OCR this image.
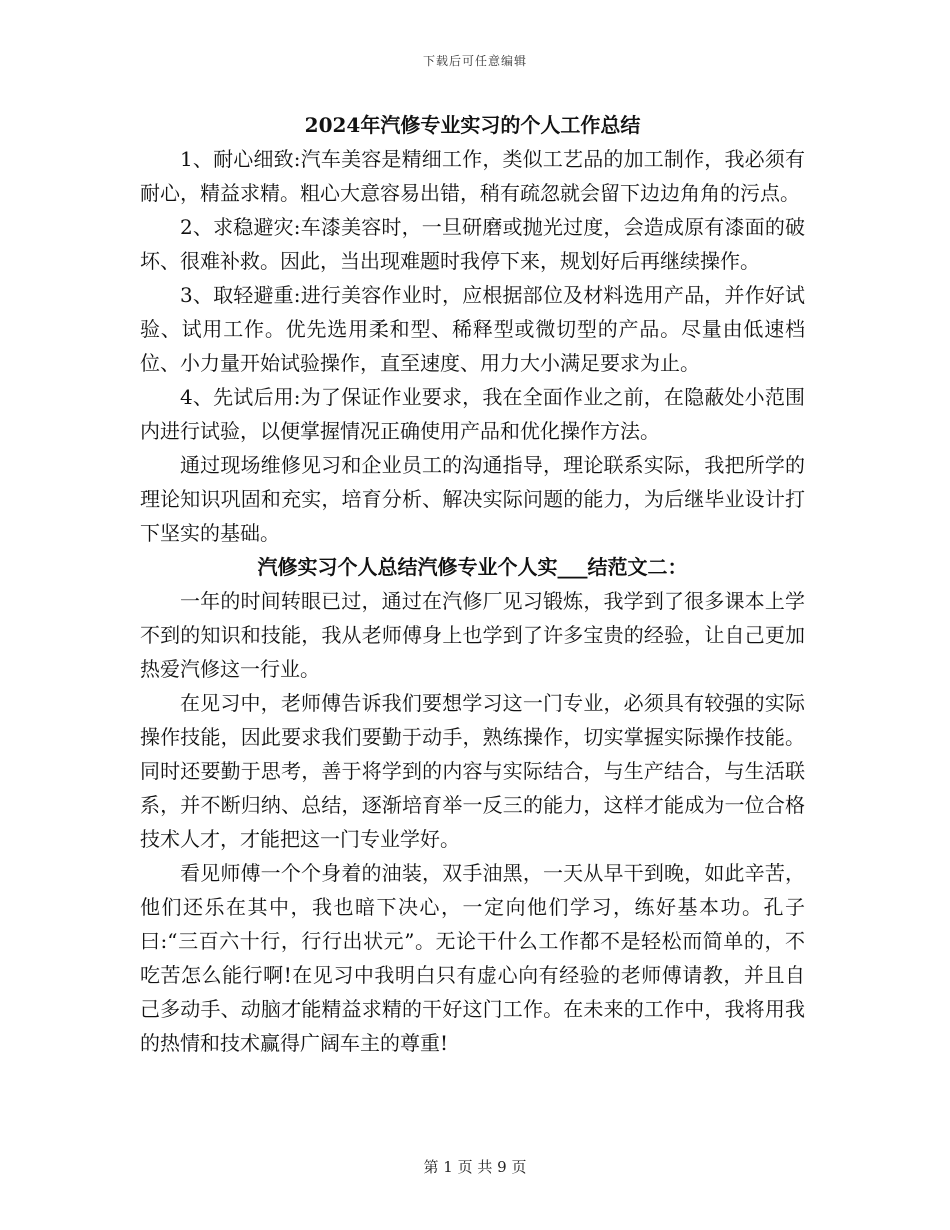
下载后可任意编辑

2024年汽修专业实习的个人工作总结

1、耐心细致:汽车美容是精细工作，类似工艺品的加工制作，我必须有耐心，精益求精。粗心大意容易出错，稍有疏忽就会留下边边角角的污点。

2、求稳避灾:车漆美容时，一旦研磨或抛光过度，会造成原有漆面的破坏、很难补救。因此，当出现难题时我停下来，规划好后再继续操作。

3、取轻避重:进行美容作业时，应根据部位及材料选用产品，并作好试验、试用工作。优先选用柔和型、稀释型或微切型的产品。尽量由低速档位、小力量开始试验操作，直至速度、用力大小满足要求为止。

4、先试后用:为了保证作业要求，我在全面作业之前，在隐蔽处小范围内进行试验，以便掌握情况正确使用产品和优化操作方法。

通过现场维修见习和企业员工的沟通指导，理论联系实际，我把所学的理论知识巩固和充实，培育分析、解决实际问题的能力，为后继毕业设计打下坚实的基础。

汽修实习个人总结汽修专业个人实___结范文二：

一年的时间转眼已过，通过在汽修厂见习锻炼，我学到了很多课本上学不到的知识和技能，我从老师傅身上也学到了许多宝贵的经验，让自己更加热爱汽修这一行业。

在见习中，老师傅告诉我们要想学习这一门专业，必须具有较强的实际操作技能，因此要求我们要勤于动手，熟练操作，切实掌握实际操作技能。同时还要勤于思考，善于将学到的内容与实际结合，与生产结合，与生活联系，并不断归纳、总结，逐渐培育举一反三的能力，这样才能成为一位合格技术人才，才能把这一门专业学好。

看见师傅一个个身着的油装，双手油黑，一天从早干到晚，如此辛苦，他们还乐在其中，我也暗下决心，一定向他们学习，练好基本功。孔子曰:“三百六十行，行行出状元”。无论干什么工作都不是轻松而简单的，不吃苦怎么能行啊!在见习中我明白只有虚心向有经验的老师傅请教，并且自己多动手、动脑才能精益求精的干好这门工作。在未来的工作中，我将用我的热情和技术赢得广阔车主的尊重!

第 1 页 共 9 页
